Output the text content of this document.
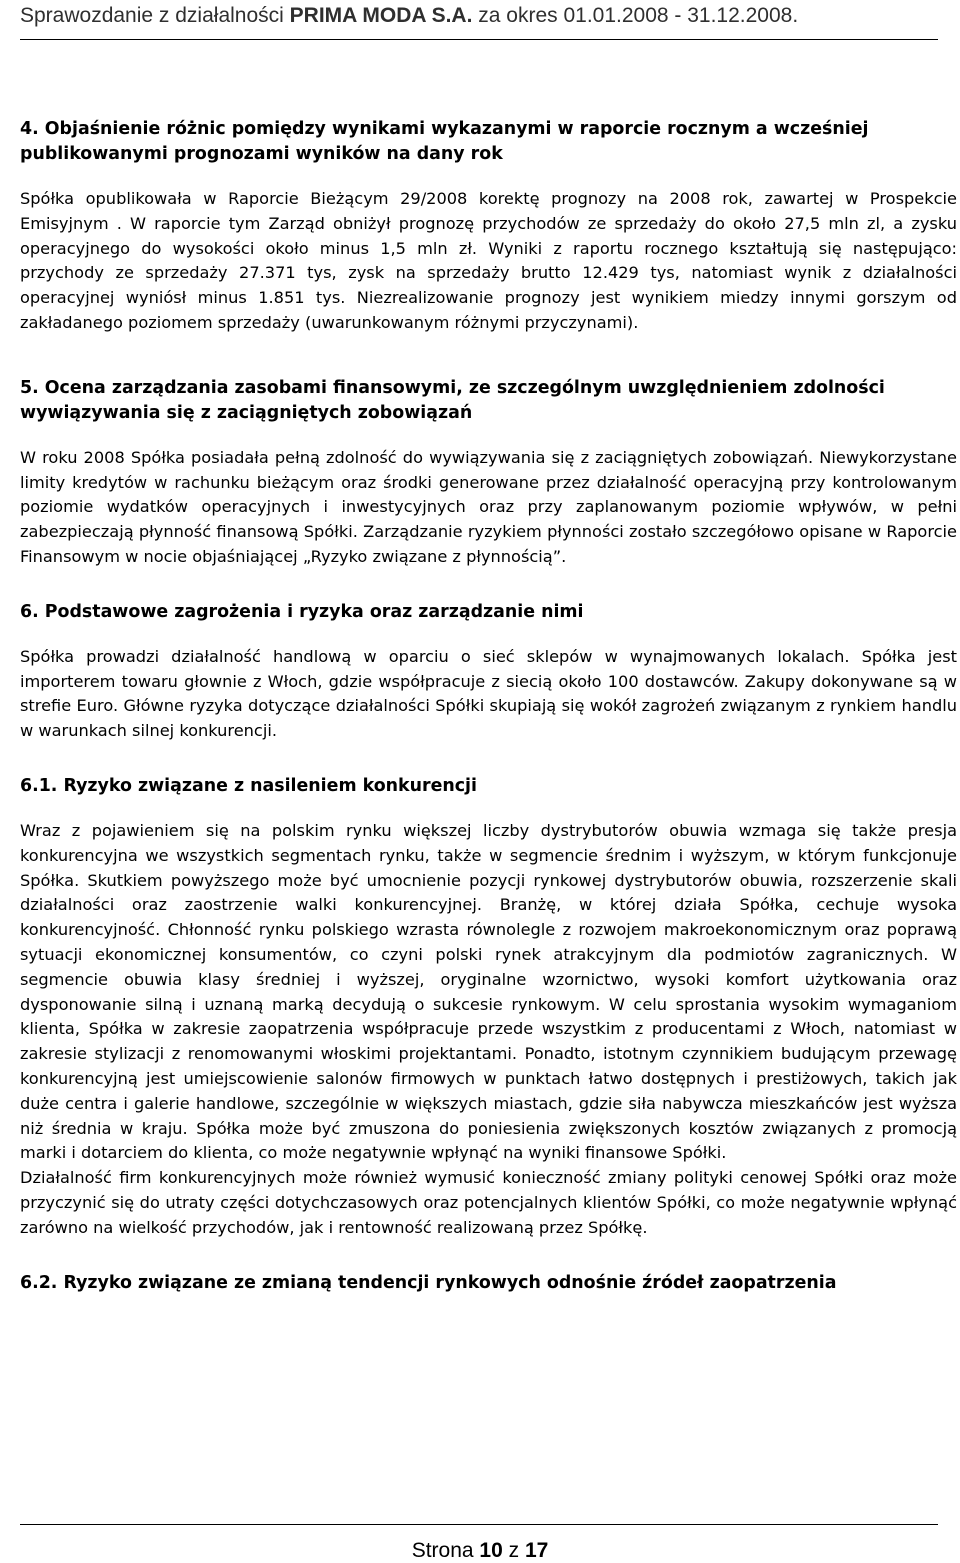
Sprawozdanie z działalności PRIMA MODA S.A. za okres 01.01.2008 - 31.12.2008.
4. Objaśnienie różnic pomiędzy wynikami wykazanymi w raporcie rocznym a wcześniej publikowanymi prognozami wyników na dany rok

Spółka opublikowała w Raporcie Bieżącym 29/2008 korektę prognozy na 2008 rok, zawartej w Prospekcie Emisyjnym . W raporcie tym Zarząd obniżył prognozę przychodów ze sprzedaży do około 27,5 mln zl, a zysku operacyjnego do wysokości około minus 1,5 mln zł. Wyniki z raportu rocznego kształtują się następująco: przychody ze sprzedaży 27.371 tys, zysk na sprzedaży brutto 12.429 tys, natomiast wynik z działalności operacyjnej wyniósł minus 1.851 tys. Niezrealizowanie prognozy jest wynikiem miedzy innymi gorszym od zakładanego poziomem sprzedaży (uwarunkowanym różnymi przyczynami).

5. Ocena zarządzania zasobami finansowymi, ze szczególnym uwzględnieniem zdolności wywiązywania się z zaciągniętych zobowiązań

W roku 2008 Spółka posiadała pełną zdolność do wywiązywania się z zaciągniętych zobowiązań. Niewykorzystane limity kredytów w rachunku bieżącym oraz środki generowane przez działalność operacyjną przy kontrolowanym poziomie wydatków operacyjnych i inwestycyjnych oraz przy zaplanowanym poziomie wpływów, w pełni zabezpieczają płynność finansową Spółki. Zarządzanie ryzykiem płynności zostało szczegółowo opisane w Raporcie Finansowym w nocie objaśniającej „Ryzyko związane z płynnością”.

6. Podstawowe zagrożenia i ryzyka oraz zarządzanie nimi

Spółka prowadzi działalność handlową w oparciu o sieć sklepów w wynajmowanych lokalach. Spółka jest importerem towaru głownie z Włoch, gdzie współpracuje z siecią około 100 dostawców. Zakupy dokonywane są w strefie Euro. Główne ryzyka dotyczące działalności Spółki skupiają się wokół zagrożeń związanym z rynkiem handlu w warunkach silnej konkurencji.

6.1. Ryzyko związane z nasileniem konkurencji

Wraz z pojawieniem się na polskim rynku większej liczby dystrybutorów obuwia wzmaga się także presja konkurencyjna we wszystkich segmentach rynku, także w segmencie średnim i wyższym, w którym funkcjonuje Spółka. Skutkiem powyższego może być umocnienie pozycji rynkowej dystrybutorów obuwia, rozszerzenie skali działalności oraz zaostrzenie walki konkurencyjnej. Branżę, w której działa Spółka, cechuje wysoka konkurencyjność. Chłonność rynku polskiego wzrasta równolegle z rozwojem makroekonomicznym oraz poprawą sytuacji ekonomicznej konsumentów, co czyni polski rynek atrakcyjnym dla podmiotów zagranicznych. W segmencie obuwia klasy średniej i wyższej, oryginalne wzornictwo, wysoki komfort użytkowania oraz dysponowanie silną i uznaną marką decydują o sukcesie rynkowym. W celu sprostania wysokim wymaganiom klienta, Spółka w zakresie zaopatrzenia współpracuje przede wszystkim z producentami z Włoch, natomiast w zakresie stylizacji z renomowanymi włoskimi projektantami. Ponadto, istotnym czynnikiem budującym przewagę konkurencyjną jest umiejscowienie salonów firmowych w punktach łatwo dostępnych i prestiżowych, takich jak duże centra i galerie handlowe, szczególnie w większych miastach, gdzie siła nabywcza mieszkańców jest wyższa niż średnia w kraju. Spółka może być zmuszona do poniesienia zwiększonych kosztów związanych z promocją marki i dotarciem do klienta, co może negatywnie wpłynąć na wyniki finansowe Spółki.

Działalność firm konkurencyjnych może również wymusić konieczność zmiany polityki cenowej Spółki oraz może przyczynić się do utraty części dotychczasowych oraz potencjalnych klientów Spółki, co może negatywnie wpłynąć zarówno na wielkość przychodów, jak i rentowność realizowaną przez Spółkę.

6.2. Ryzyko związane ze zmianą tendencji rynkowych odnośnie źródeł zaopatrzenia
Strona 10 z 17
